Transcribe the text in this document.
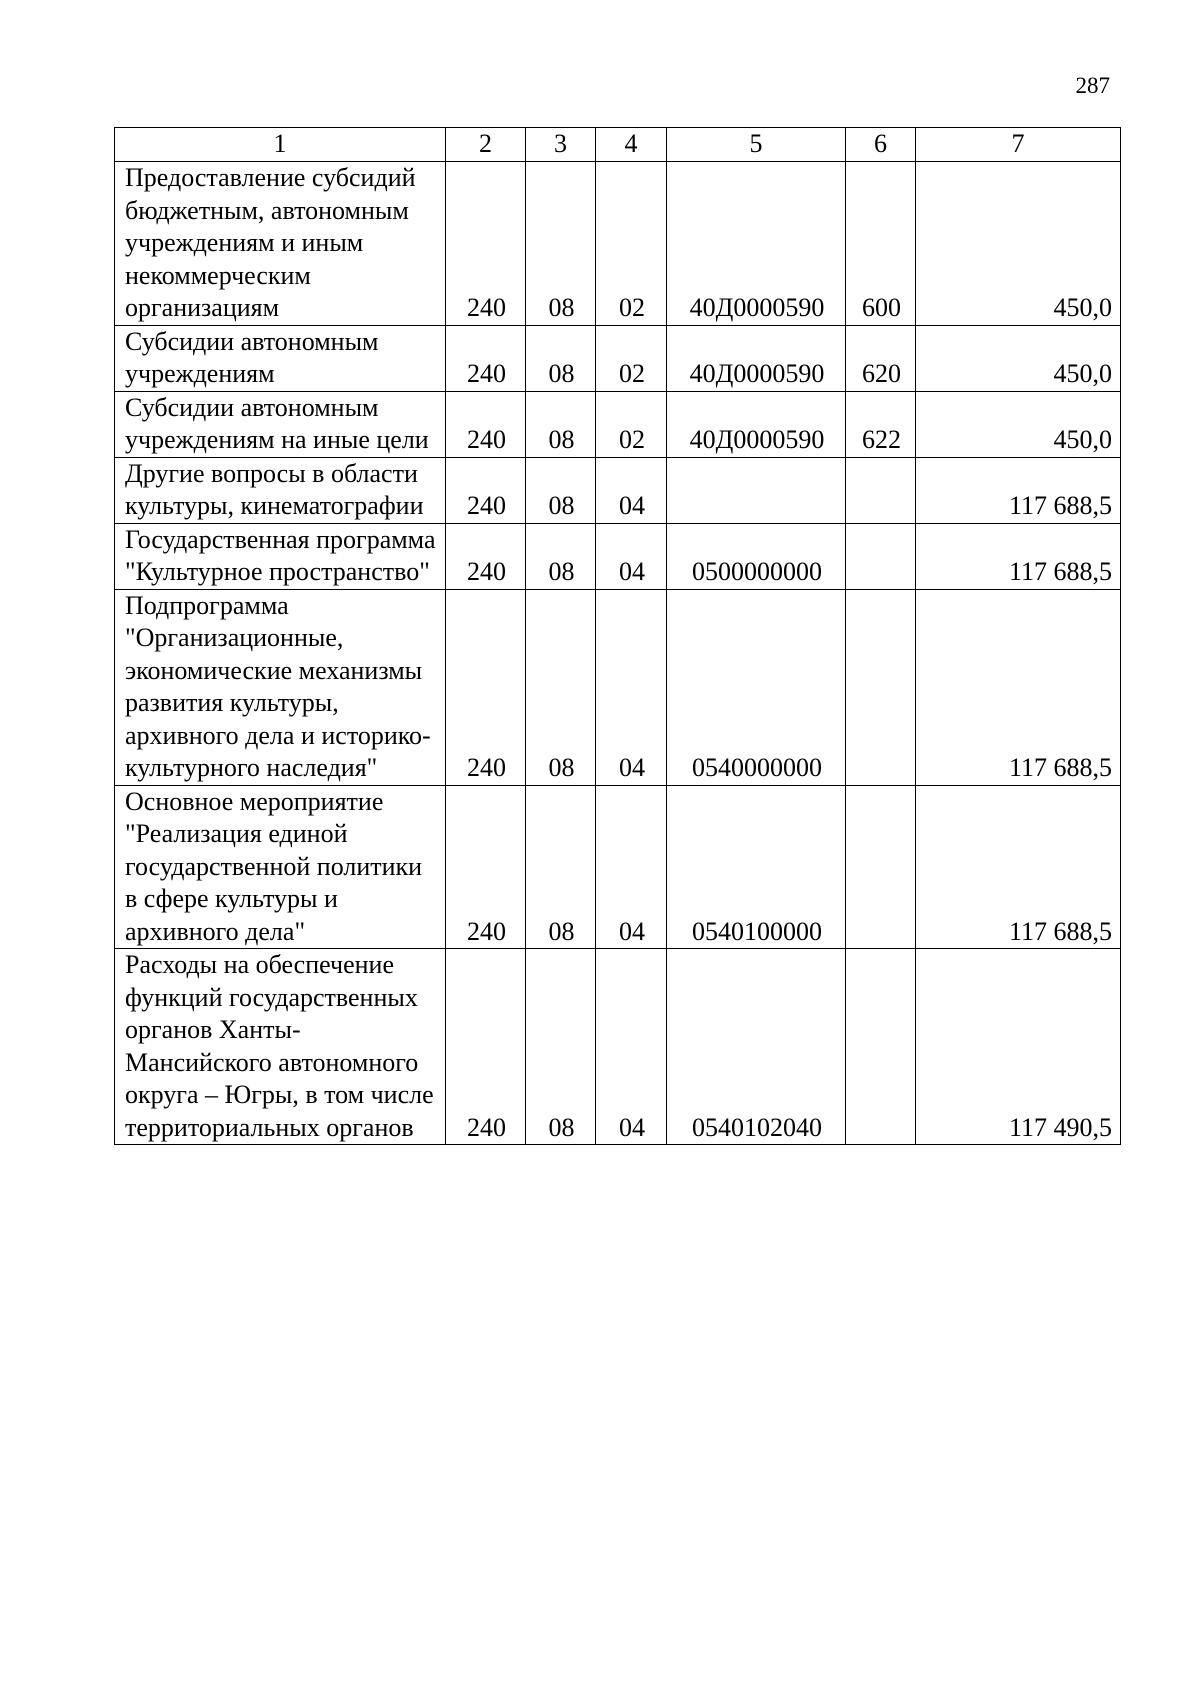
287
1	2	3	4	5	6	7
Предоставление субсидий бюджетным, автономным учреждениям и иным некоммерческим организациям	240	08	02	40Д0000590	600	450,0
Субсидии автономным учреждениям	240	08	02	40Д0000590	620	450,0
Субсидии автономным учреждениям на иные цели	240	08	02	40Д0000590	622	450,0
Другие вопросы в области культуры, кинематографии	240	08	04			117 688,5
Государственная программа "Культурное пространство"	240	08	04	0500000000		117 688,5
Подпрограмма "Организационные, экономические механизмы развития культуры, архивного дела и историко-культурного наследия"	240	08	04	0540000000		117 688,5
Основное мероприятие "Реализация единой государственной политики в сфере культуры и архивного дела"	240	08	04	0540100000		117 688,5
Расходы на обеспечение функций государственных органов Ханты-Мансийского автономного округа – Югры, в том числе территориальных органов	240	08	04	0540102040		117 490,5
